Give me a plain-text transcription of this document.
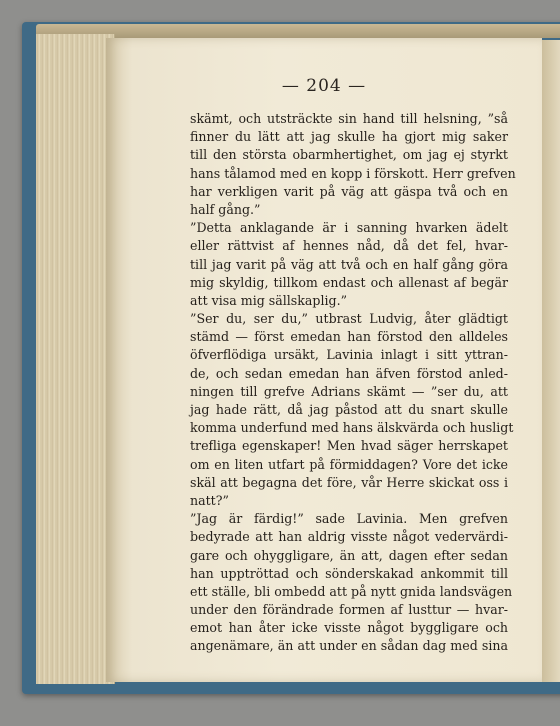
— 204 —

skämt, och utsträckte sin hand till helsning, ”så
finner du lätt att jag skulle ha gjort mig saker
till den största obarmhertighet, om jag ej styrkt
hans tålamod med en kopp i förskott. Herr grefven
har verkligen varit på väg att gäspa två och en
half gång.”
”Detta anklagande är i sanning hvarken ädelt
eller rättvist af hennes nåd, då det fel, hvar-
till jag varit på väg att två och en half gång göra
mig skyldig, tillkom endast och allenast af begär
att visa mig sällskaplig.”
”Ser du, ser du,” utbrast Ludvig, åter glädtigt
stämd — först emedan han förstod den alldeles
öfverflödiga ursäkt, Lavinia inlagt i sitt yttran-
de, och sedan emedan han äfven förstod anled-
ningen till grefve Adrians skämt — ”ser du, att
jag hade rätt, då jag påstod att du snart skulle
komma underfund med hans älskvärda och husligt
trefliga egenskaper! Men hvad säger herrskapet
om en liten utfart på förmiddagen? Vore det icke
skäl att begagna det före, vår Herre skickat oss i
natt?”
”Jag är färdig!” sade Lavinia. Men grefven
bedyrade att han aldrig visste något vedervärdi-
gare och ohyggligare, än att, dagen efter sedan
han upptröttad och sönderskakad ankommit till
ett ställe, bli ombedd att på nytt gnida landsvägen
under den förändrade formen af lusttur — hvar-
emot han åter icke visste något byggligare och
angenämare, än att under en sådan dag med sina
